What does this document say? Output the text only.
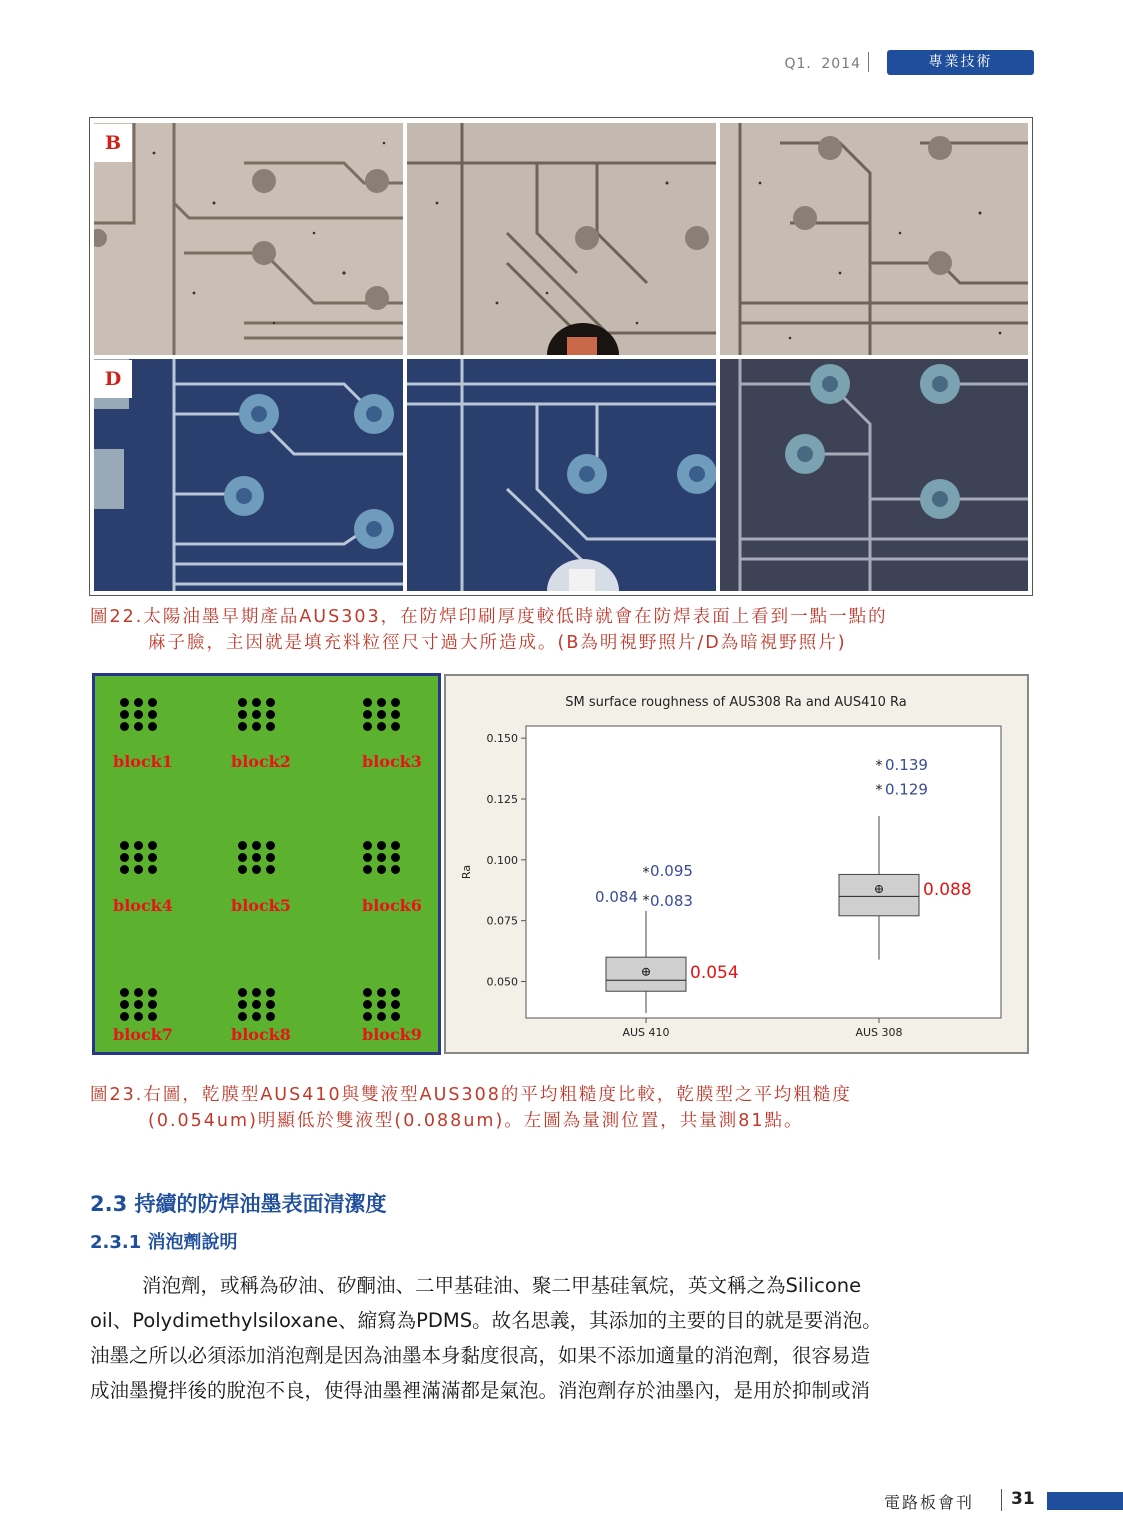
Q1．2014	專業技術
B
D
圖22.太陽油墨早期產品AUS303，在防焊印刷厚度較低時就會在防焊表面上看到一點一點的
麻子臉，主因就是填充料粒徑尺寸過大所造成。(B為明視野照片/D為暗視野照片)
block1	block2	block3
block4	block5	block6
block7	block8	block9
SM surface roughness of AUS308 Ra and AUS410 Ra
Ra
0.150
0.125
0.100
0.075
0.050
AUS 410	AUS 308
0.054
* 0.095
*
0.084 0.083
0.088
* 0.139
* 0.129
圖23.右圖，乾膜型AUS410與雙液型AUS308的平均粗糙度比較，乾膜型之平均粗糙度
(0.054um)明顯低於雙液型(0.088um)。左圖為量測位置，共量測81點。
2.3 持續的防焊油墨表面清潔度
2.3.1 消泡劑說明
消泡劑，或稱為矽油、矽酮油、二甲基硅油、聚二甲基硅氧烷，英文稱之為Silicone
oil、Polydimethylsiloxane、縮寫為PDMS。故名思義，其添加的主要的目的就是要消泡。
油墨之所以必須添加消泡劑是因為油墨本身黏度很高，如果不添加適量的消泡劑，很容易造
成油墨攪拌後的脫泡不良，使得油墨裡滿滿都是氣泡。消泡劑存於油墨內，是用於抑制或消
電路板會刊 31
